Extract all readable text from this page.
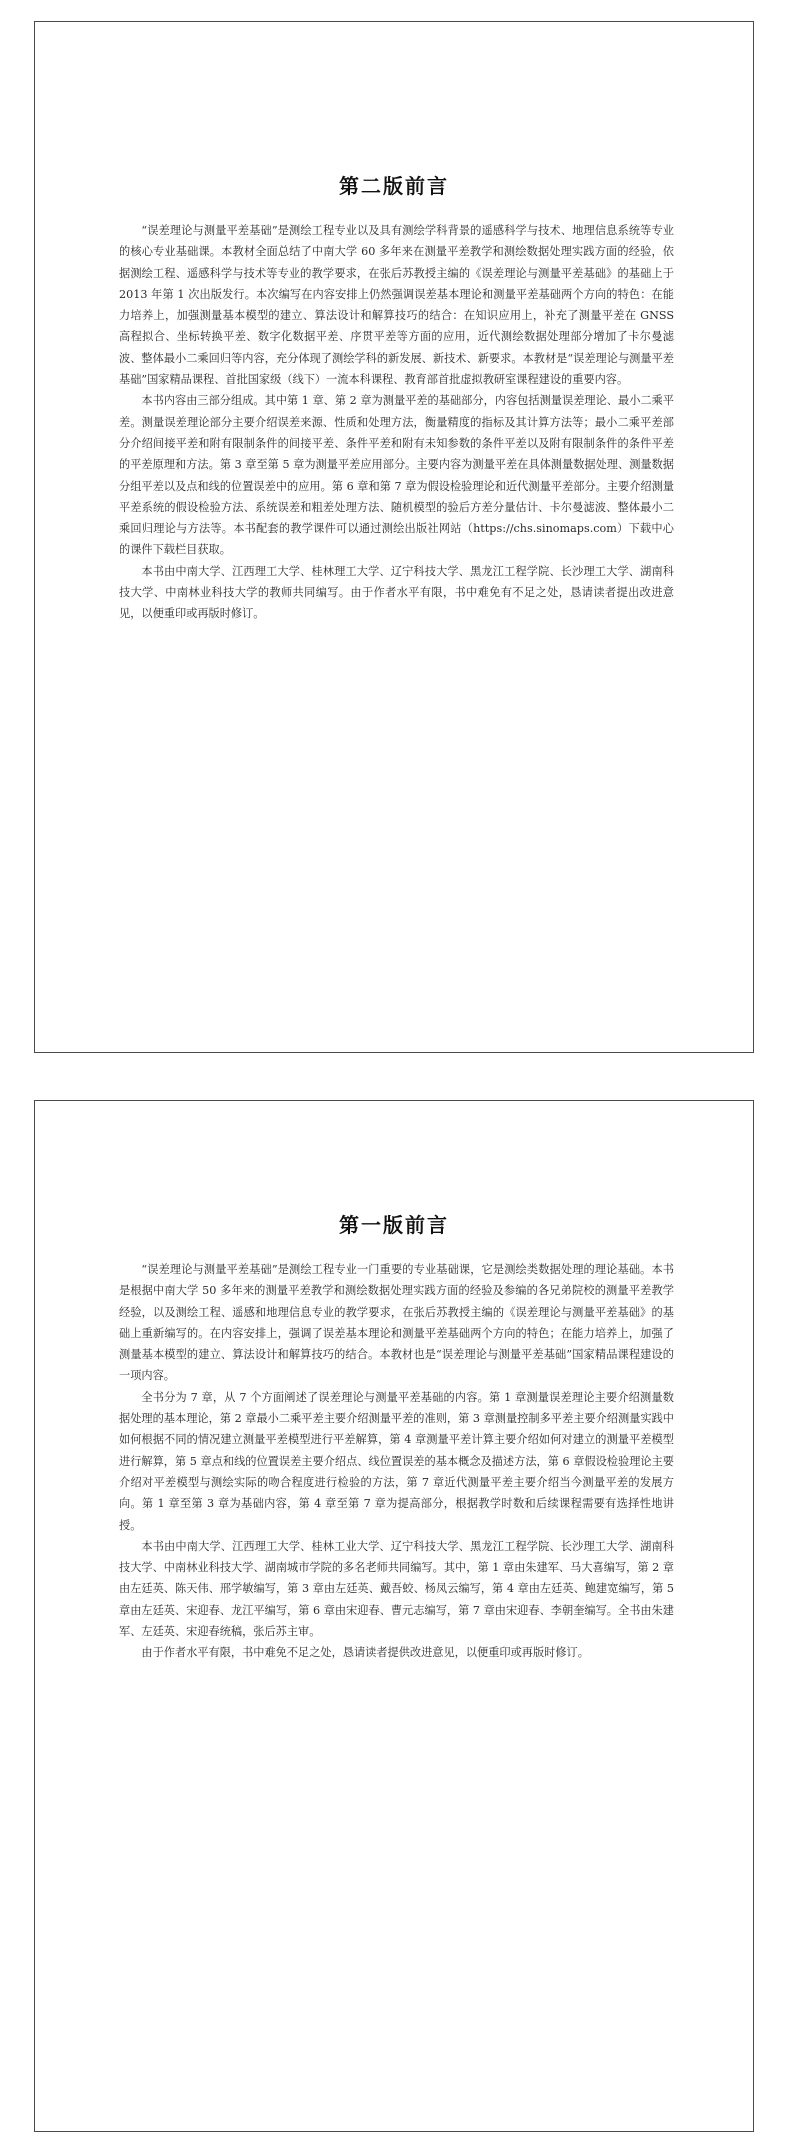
第二版前言

“误差理论与测量平差基础”是测绘工程专业以及具有测绘学科背景的遥感科学与技术、地理信息系统等专业的核心专业基础课。本教材全面总结了中南大学 60 多年来在测量平差教学和测绘数据处理实践方面的经验，依据测绘工程、遥感科学与技术等专业的教学要求，在张后苏教授主编的《误差理论与测量平差基础》的基础上于 2013 年第 1 次出版发行。本次编写在内容安排上仍然强调误差基本理论和测量平差基础两个方向的特色：在能力培养上，加强测量基本模型的建立、算法设计和解算技巧的结合：在知识应用上，补充了测量平差在 GNSS 高程拟合、坐标转换平差、数字化数据平差、序贯平差等方面的应用，近代测绘数据处理部分增加了卡尔曼滤波、整体最小二乘回归等内容，充分体现了测绘学科的新发展、新技术、新要求。本教材是“误差理论与测量平差基础”国家精品课程、首批国家级（线下）一流本科课程、教育部首批虚拟教研室课程建设的重要内容。

本书内容由三部分组成。其中第 1 章、第 2 章为测量平差的基础部分，内容包括测量误差理论、最小二乘平差。测量误差理论部分主要介绍误差来源、性质和处理方法，衡量精度的指标及其计算方法等；最小二乘平差部分介绍间接平差和附有限制条件的间接平差、条件平差和附有未知参数的条件平差以及附有限制条件的条件平差的平差原理和方法。第 3 章至第 5 章为测量平差应用部分。主要内容为测量平差在具体测量数据处理、测量数据分组平差以及点和线的位置误差中的应用。第 6 章和第 7 章为假设检验理论和近代测量平差部分。主要介绍测量平差系统的假设检验方法、系统误差和粗差处理方法、随机模型的验后方差分量估计、卡尔曼滤波、整体最小二乘回归理论与方法等。本书配套的教学课件可以通过测绘出版社网站（https://chs.sinomaps.com）下载中心的课件下载栏目获取。

本书由中南大学、江西理工大学、桂林理工大学、辽宁科技大学、黑龙江工程学院、长沙理工大学、湖南科技大学、中南林业科技大学的教师共同编写。由于作者水平有限，书中难免有不足之处，恳请读者提出改进意见，以便重印或再版时修订。

第一版前言

“误差理论与测量平差基础”是测绘工程专业一门重要的专业基础课，它是测绘类数据处理的理论基础。本书是根据中南大学 50 多年来的测量平差教学和测绘数据处理实践方面的经验及参编的各兄弟院校的测量平差教学经验，以及测绘工程、遥感和地理信息专业的教学要求，在张后苏教授主编的《误差理论与测量平差基础》的基础上重新编写的。在内容安排上，强调了误差基本理论和测量平差基础两个方向的特色；在能力培养上，加强了测量基本模型的建立、算法设计和解算技巧的结合。本教材也是“误差理论与测量平差基础”国家精品课程建设的一项内容。

全书分为 7 章，从 7 个方面阐述了误差理论与测量平差基础的内容。第 1 章测量误差理论主要介绍测量数据处理的基本理论，第 2 章最小二乘平差主要介绍测量平差的准则，第 3 章测量控制多平差主要介绍测量实践中如何根据不同的情况建立测量平差模型进行平差解算，第 4 章测量平差计算主要介绍如何对建立的测量平差模型进行解算，第 5 章点和线的位置误差主要介绍点、线位置误差的基本概念及描述方法，第 6 章假设检验理论主要介绍对平差模型与测绘实际的吻合程度进行检验的方法，第 7 章近代测量平差主要介绍当今测量平差的发展方向。第 1 章至第 3 章为基础内容，第 4 章至第 7 章为提高部分，根据教学时数和后续课程需要有选择性地讲授。

本书由中南大学、江西理工大学、桂林工业大学、辽宁科技大学、黑龙江工程学院、长沙理工大学、湖南科技大学、中南林业科技大学、湖南城市学院的多名老师共同编写。其中，第 1 章由朱建军、马大喜编写，第 2 章由左廷英、陈天伟、邢学敏编写，第 3 章由左廷英、戴吾蛟、杨凤云编写，第 4 章由左廷英、鲍建宽编写，第 5 章由左廷英、宋迎春、龙江平编写，第 6 章由宋迎春、曹元志编写，第 7 章由宋迎春、李朝奎编写。全书由朱建军、左廷英、宋迎春统稿，张后苏主审。

由于作者水平有限，书中难免不足之处，恳请读者提供改进意见，以便重印或再版时修订。
